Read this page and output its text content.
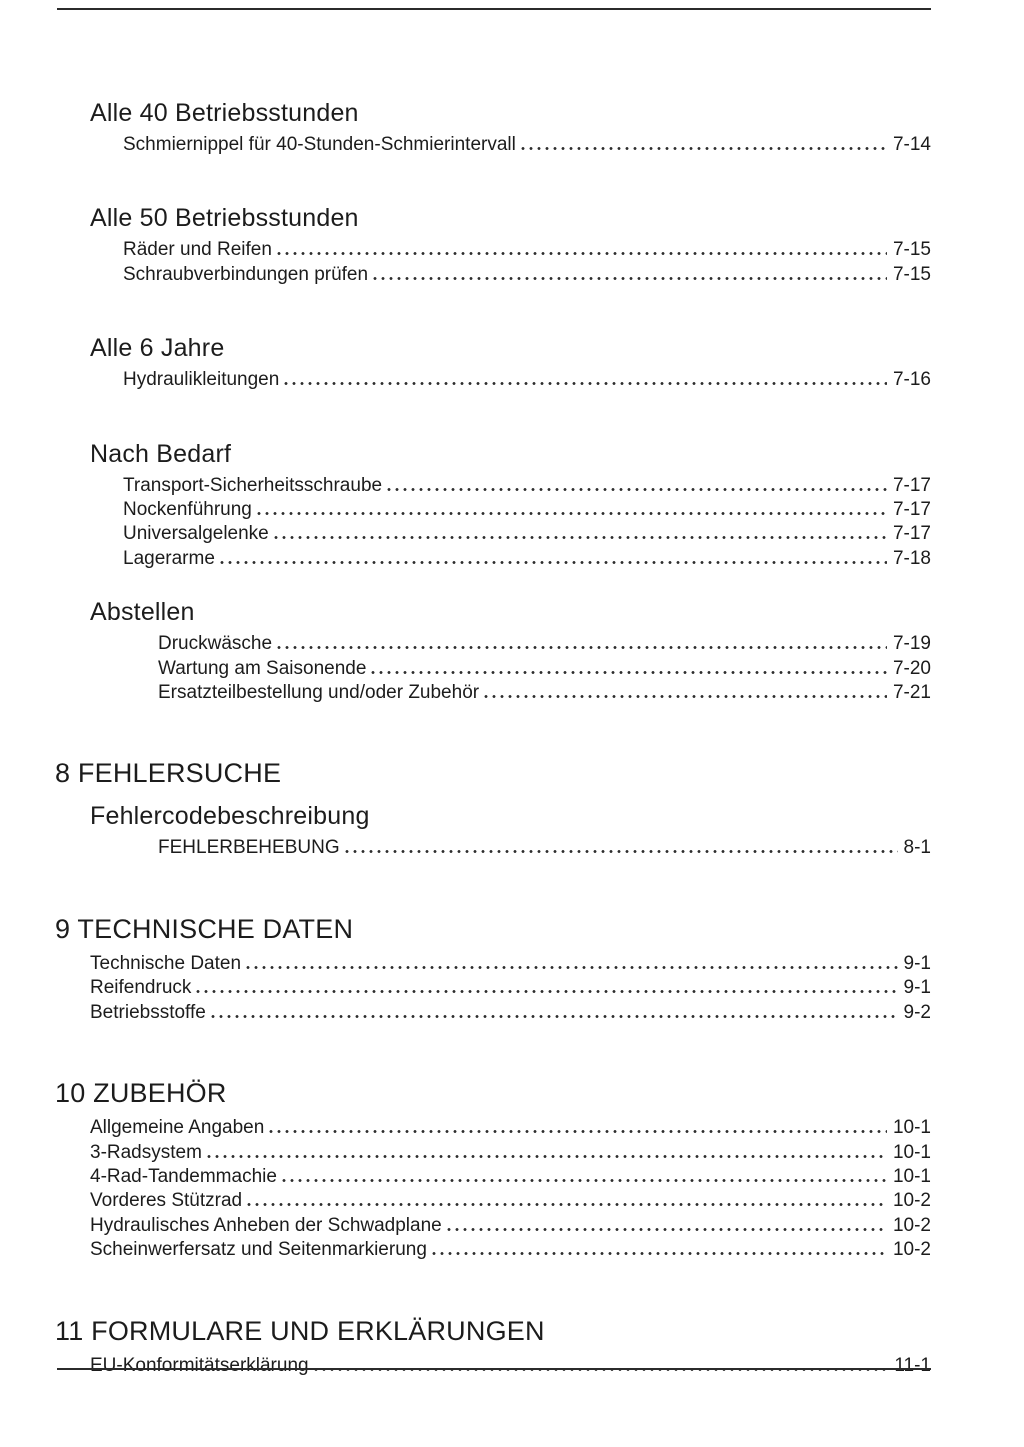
Alle 40 Betriebsstunden
Schmiernippel für 40-Stunden-Schmierintervall	7-14
Alle 50 Betriebsstunden
Räder und Reifen	7-15
Schraubverbindungen prüfen	7-15
Alle 6 Jahre
Hydraulikleitungen	7-16
Nach Bedarf
Transport-Sicherheitsschraube	7-17
Nockenführung	7-17
Universalgelenke	7-17
Lagerarme	7-18
Abstellen
Druckwäsche	7-19
Wartung am Saisonende	7-20
Ersatzteilbestellung und/oder Zubehör	7-21
8 FEHLERSUCHE
Fehlercodebeschreibung
FEHLERBEHEBUNG	8-1
9 TECHNISCHE DATEN
Technische Daten	9-1
Reifendruck	9-1
Betriebsstoffe	9-2
10 ZUBEHÖR
Allgemeine Angaben	10-1
3-Radsystem	10-1
4-Rad-Tandemmachie	10-1
Vorderes Stützrad	10-2
Hydraulisches Anheben der Schwadplane	10-2
Scheinwerfersatz und Seitenmarkierung	10-2
11 FORMULARE UND ERKLÄRUNGEN
EU-Konformitätserklärung	11-1
